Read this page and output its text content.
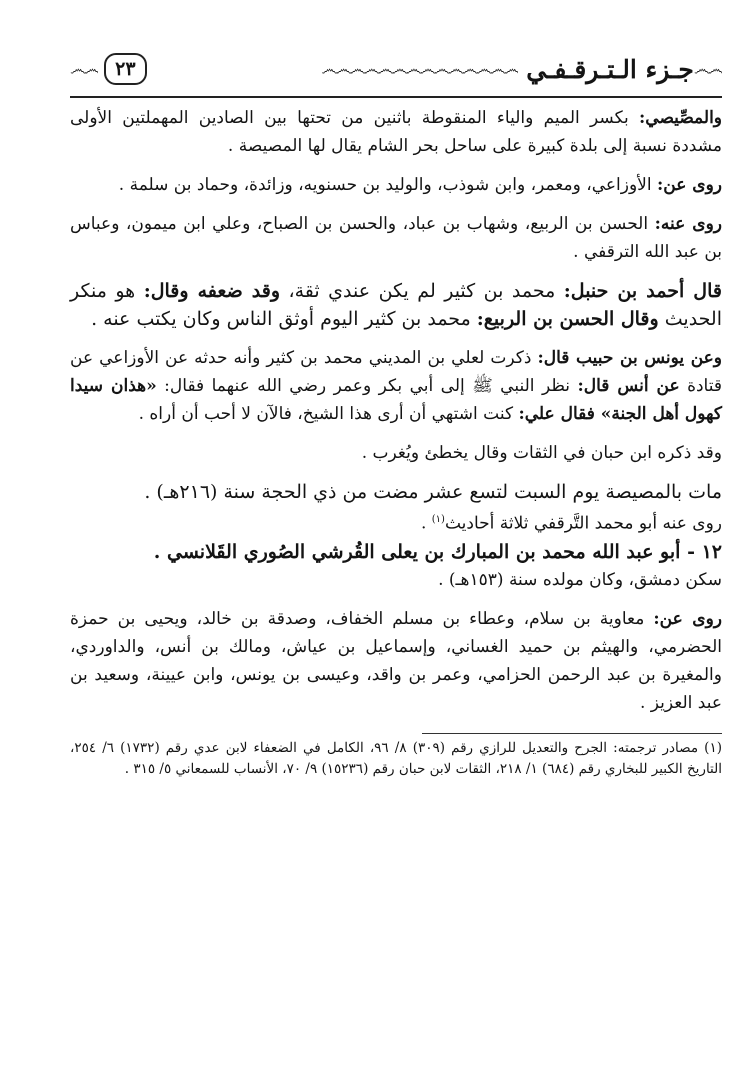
෴෴
جـزء الـتـرقـفـي
෴෴෴෴෴෴෴෴෴෴෴෴෴෴
٢٣
෴෴

والمصِّيصي: بكسر الميم والياء المنقوطة باثنين من تحتها بين الصادين المهملتين الأولى مشددة نسبة إلى بلدة كبيرة على ساحل بحر الشام يقال لها المصيصة .

روى عن: الأوزاعي، ومعمر، وابن شوذب، والوليد بن حسنويه، وزائدة، وحماد بن سلمة .

روى عنه: الحسن بن الربيع، وشهاب بن عباد، والحسن بن الصباح، وعلي ابن ميمون، وعباس بن عبد الله الترقفي .

قال أحمد بن حنبل: محمد بن كثير لم يكن عندي ثقة، وقد ضعفه وقال: هو منكر الحديث وقال الحسن بن الربيع: محمد بن كثير اليوم أوثق الناس وكان يكتب عنه .

وعن يونس بن حبيب قال: ذكرت لعلي بن المديني محمد بن كثير وأنه حدثه عن الأوزاعي عن قتادة عن أنس قال: نظر النبي ﷺ إلى أبي بكر وعمر رضي الله عنهما فقال: «هذان سيدا كهول أهل الجنة» فقال علي: كنت اشتهي أن أرى هذا الشيخ، فالآن لا أحب أن أراه .

وقد ذكره ابن حبان في الثقات وقال يخطئ ويُغرب .

مات بالمصيصة يوم السبت لتسع عشر مضت من ذي الحجة سنة (٢١٦هـ) .

روى عنه أبو محمد التَّرقفي ثلاثة أحاديث$^{(١)}$ .

١٢ - أبو عبد الله محمد بن المبارك بن يعلى القُرشي الصُوري القَلانسي .

سكن دمشق، وكان مولده سنة (١٥٣هـ) .

روى عن: معاوية بن سلام، وعطاء بن مسلم الخفاف، وصدقة بن خالد، ويحيى بن حمزة الحضرمي، والهيثم بن حميد الغساني، وإسماعيل بن عياش، ومالك بن أنس، والداوردي، والمغيرة بن عبد الرحمن الحزامي، وعمر بن واقد، وعيسى بن يونس، وابن عيينة، وسعيد بن عبد العزيز .

(١) مصادر ترجمته: الجرح والتعديل للرازي رقم (٣٠٩) ٨/ ٩٦، الكامل في الضعفاء لابن عدي رقم (١٧٣٢) ٦/ ٢٥٤، التاريخ الكبير للبخاري رقم (٦٨٤) ١/ ٢١٨، الثقات لابن حبان رقم (١٥٢٣٦) ٩/ ٧٠، الأنساب للسمعاني ٥/ ٣١٥ .
